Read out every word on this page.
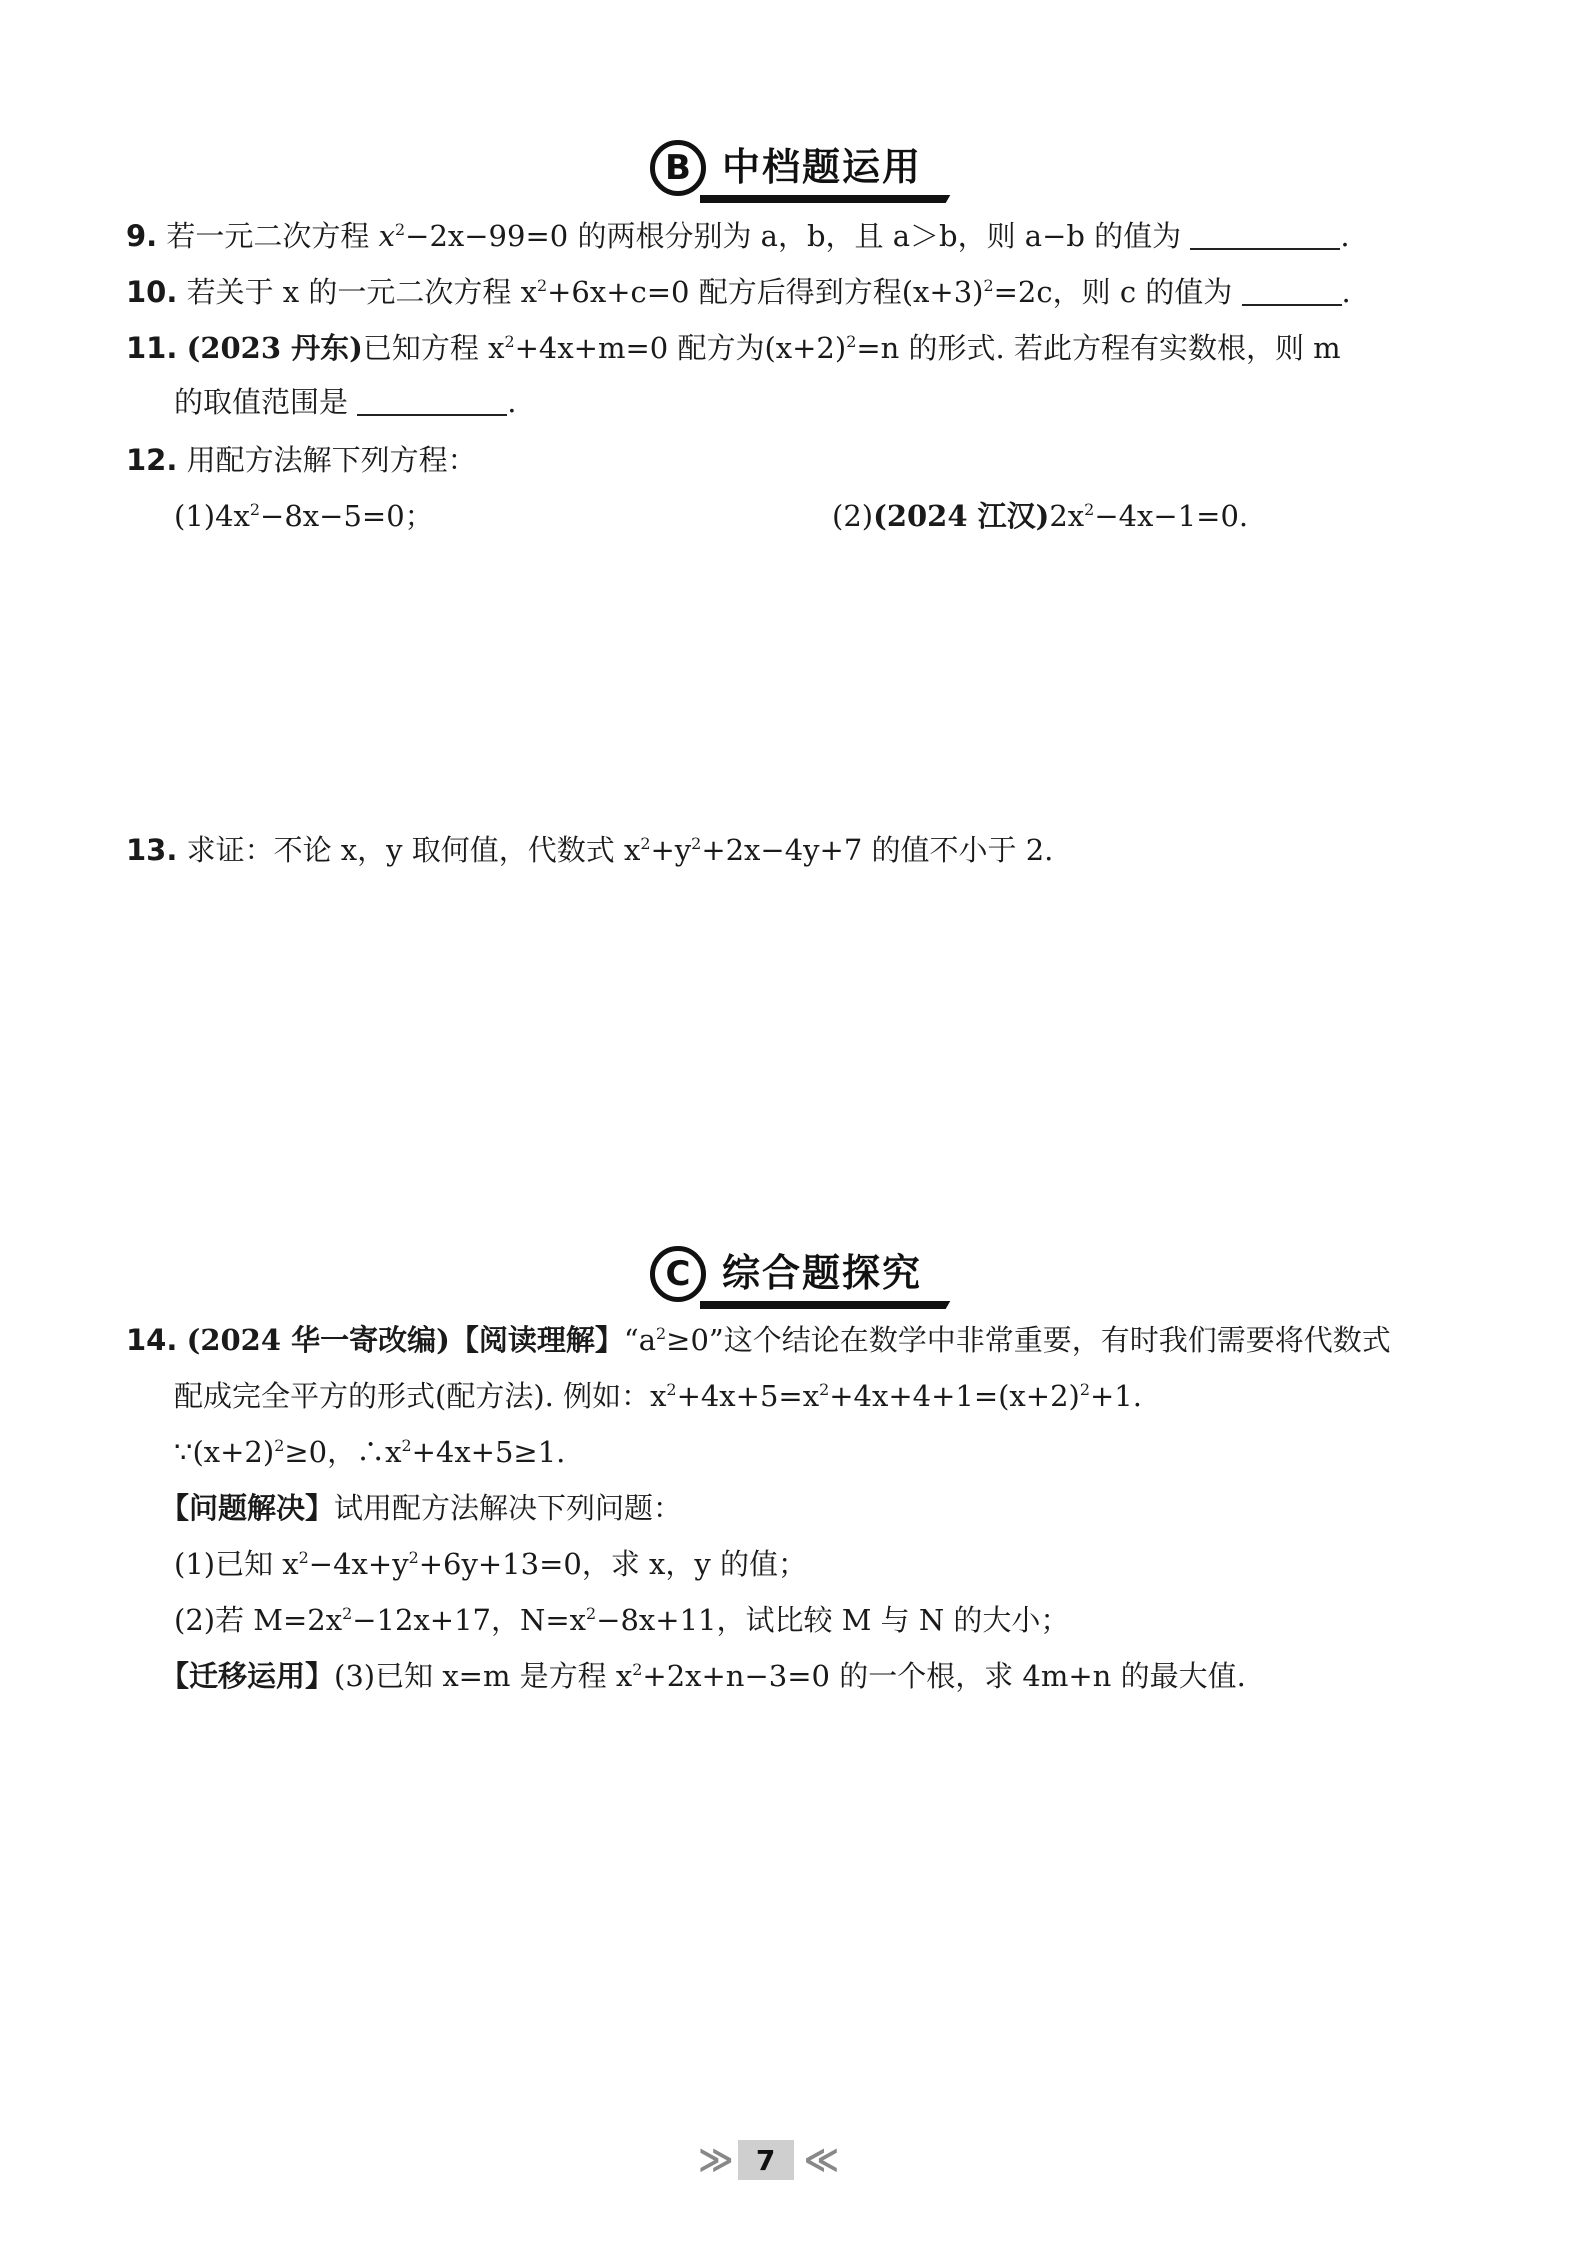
B 中档题运用
9. 若一元二次方程 $x^2-2x-99=0$ 的两根分别为 a，b，且 a＞b，则 a−b 的值为	.
10. 若关于 x 的一元二次方程 $x^2+6x+c=0$ 配方后得到方程$(x+3)^2=2c$，则 c 的值为	.
11. (2023 丹东)已知方程 $x^2+4x+m=0$ 配方为$(x+2)^2=n$ 的形式. 若此方程有实数根，则 m
的取值范围是	.
12. 用配方法解下列方程：
$(1)4x^2-8x-5=0$；	(2)(2024 江汉)$2x^2-4x-1=0$.
13. 求证：不论 x，y 取何值，代数式 $x^2+y^2+2x-4y+7$ 的值不小于 2.
C 综合题探究
14. (2024 华一寄改编)【阅读理解】“$a^2\ge 0$”这个结论在数学中非常重要，有时我们需要将代数式
配成完全平方的形式(配方法). 例如：$x^2+4x+5=x^2+4x+4+1=(x+2)^2+1$.
$\because(x+2)^2\ge 0$，$\therefore x^2+4x+5\ge 1$.
【问题解决】试用配方法解决下列问题：
(1)已知 $x^2-4x+y^2+6y+13=0$，求 x，y 的值；
(2)若 $M=2x^2-12x+17$，$N=x^2-8x+11$，试比较 M 与 N 的大小；
【迁移运用】(3)已知 x=m 是方程 $x^2+2x+n-3=0$ 的一个根，求 4m+n 的最大值.
≫	7 ≪
